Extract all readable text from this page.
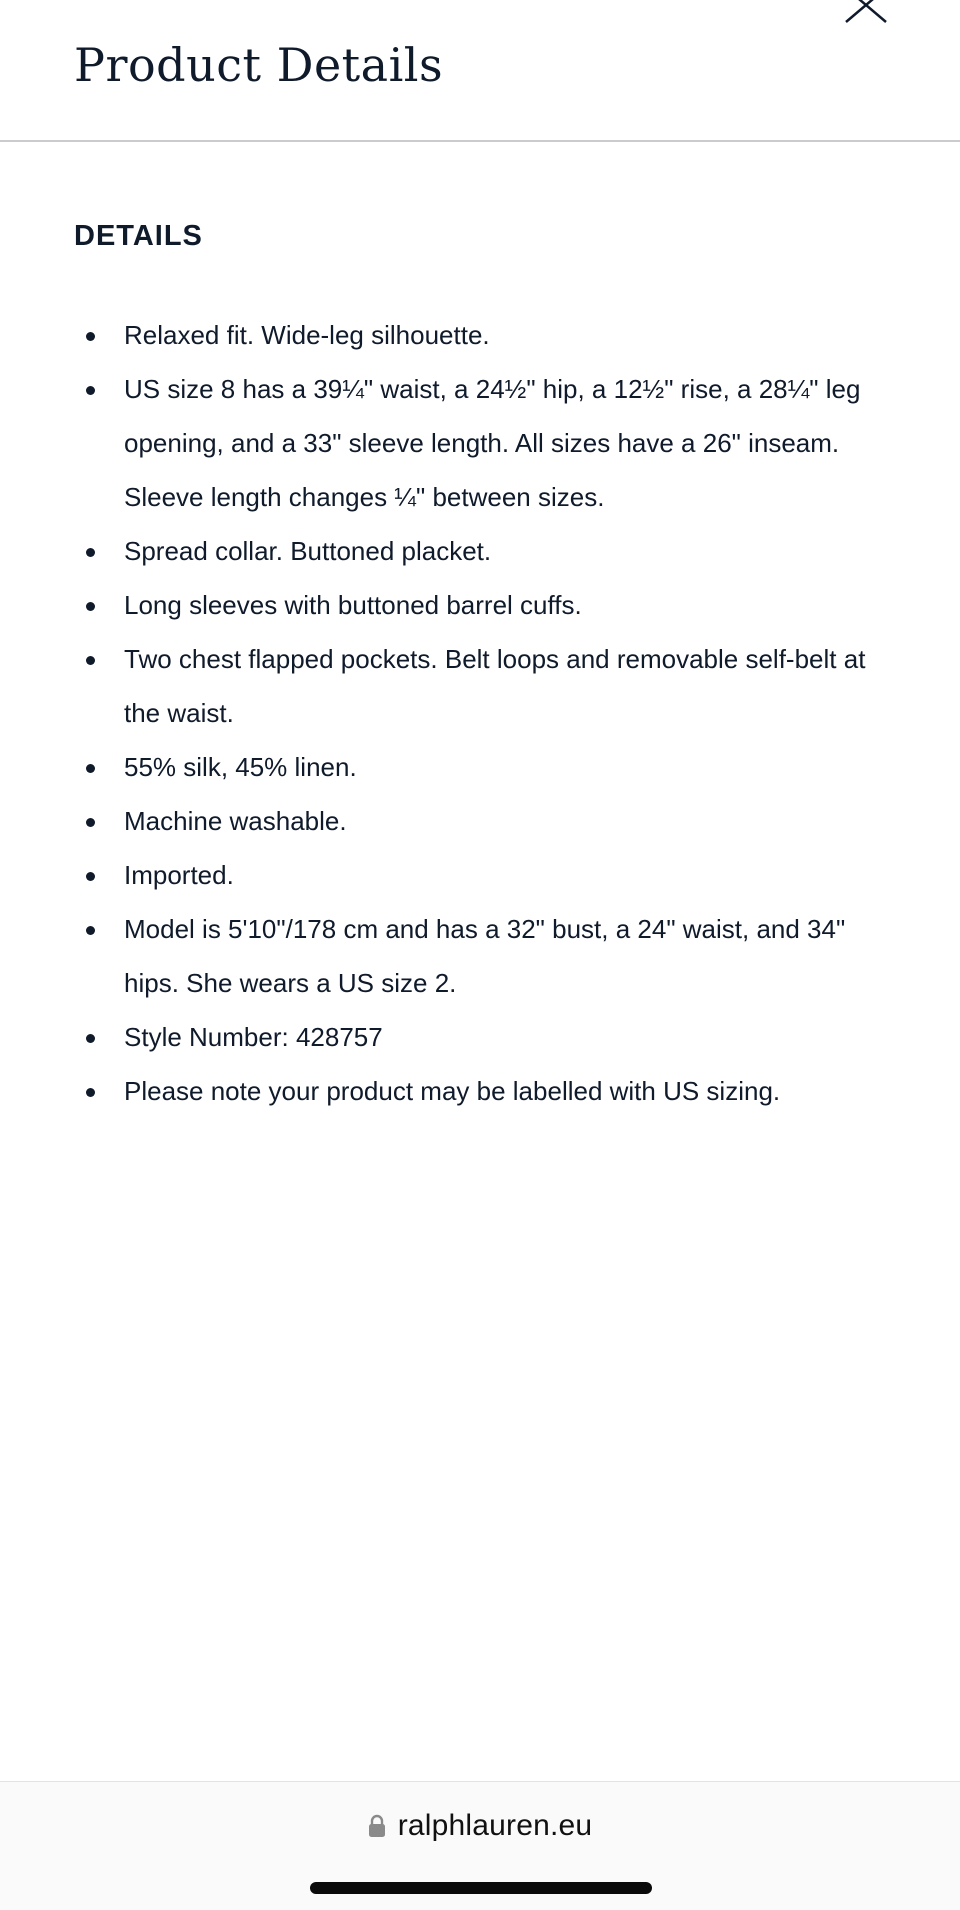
Product Details
DETAILS
Relaxed fit. Wide-leg silhouette.
US size 8 has a 39¼" waist, a 24½" hip, a 12½" rise, a 28¼" leg opening, and a 33" sleeve length. All sizes have a 26" inseam. Sleeve length changes ¼" between sizes.
Spread collar. Buttoned placket.
Long sleeves with buttoned barrel cuffs.
Two chest flapped pockets. Belt loops and removable self-belt at the waist.
55% silk, 45% linen.
Machine washable.
Imported.
Model is 5'10"/178 cm and has a 32" bust, a 24" waist, and 34" hips. She wears a US size 2.
Style Number: 428757
Please note your product may be labelled with US sizing.
ralphlauren.eu
